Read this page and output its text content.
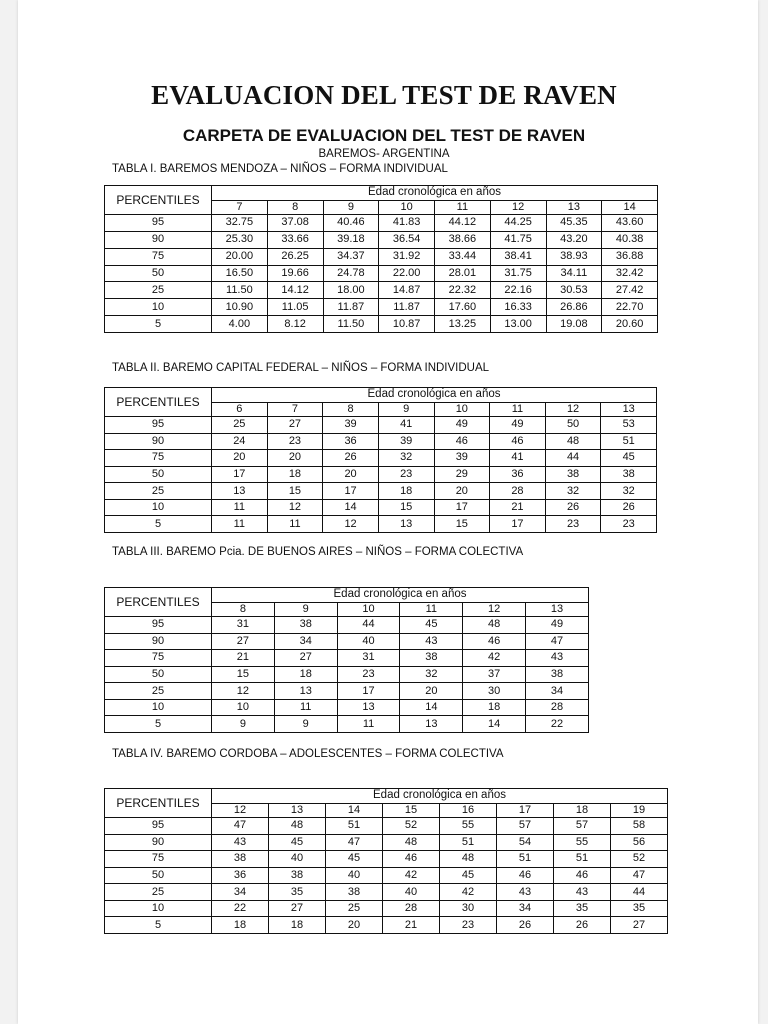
EVALUACION DEL TEST DE RAVEN
CARPETA DE EVALUACION DEL TEST DE RAVEN
BAREMOS- ARGENTINA
TABLA I. BAREMOS MENDOZA – NIÑOS – FORMA INDIVIDUAL
PERCENTILES	Edad cronológica en años							
	7	8	9	10	11	12	13	14
95	32.75	37.08	40.46	41.83	44.12	44.25	45.35	43.60
90	25.30	33.66	39.18	36.54	38.66	41.75	43.20	40.38
75	20.00	26.25	34.37	31.92	33.44	38.41	38.93	36.88
50	16.50	19.66	24.78	22.00	28.01	31.75	34.11	32.42
25	11.50	14.12	18.00	14.87	22.32	22.16	30.53	27.42
10	10.90	11.05	11.87	11.87	17.60	16.33	26.86	22.70
5	4.00	8.12	11.50	10.87	13.25	13.00	19.08	20.60
TABLA II. BAREMO CAPITAL FEDERAL – NIÑOS – FORMA INDIVIDUAL
PERCENTILES	Edad cronológica en años							
	6	7	8	9	10	11	12	13
95	25	27	39	41	49	49	50	53
90	24	23	36	39	46	46	48	51
75	20	20	26	32	39	41	44	45
50	17	18	20	23	29	36	38	38
25	13	15	17	18	20	28	32	32
10	11	12	14	15	17	21	26	26
5	11	11	12	13	15	17	23	23
TABLA III. BAREMO Pcia. DE BUENOS AIRES – NIÑOS – FORMA COLECTIVA
PERCENTILES	Edad cronológica en años					
	8	9	10	11	12	13
95	31	38	44	45	48	49
90	27	34	40	43	46	47
75	21	27	31	38	42	43
50	15	18	23	32	37	38
25	12	13	17	20	30	34
10	10	11	13	14	18	28
5	9	9	11	13	14	22
TABLA IV. BAREMO CORDOBA – ADOLESCENTES – FORMA COLECTIVA
PERCENTILES	Edad cronológica en años							
	12	13	14	15	16	17	18	19
95	47	48	51	52	55	57	57	58
90	43	45	47	48	51	54	55	56
75	38	40	45	46	48	51	51	52
50	36	38	40	42	45	46	46	47
25	34	35	38	40	42	43	43	44
10	22	27	25	28	30	34	35	35
5	18	18	20	21	23	26	26	27
